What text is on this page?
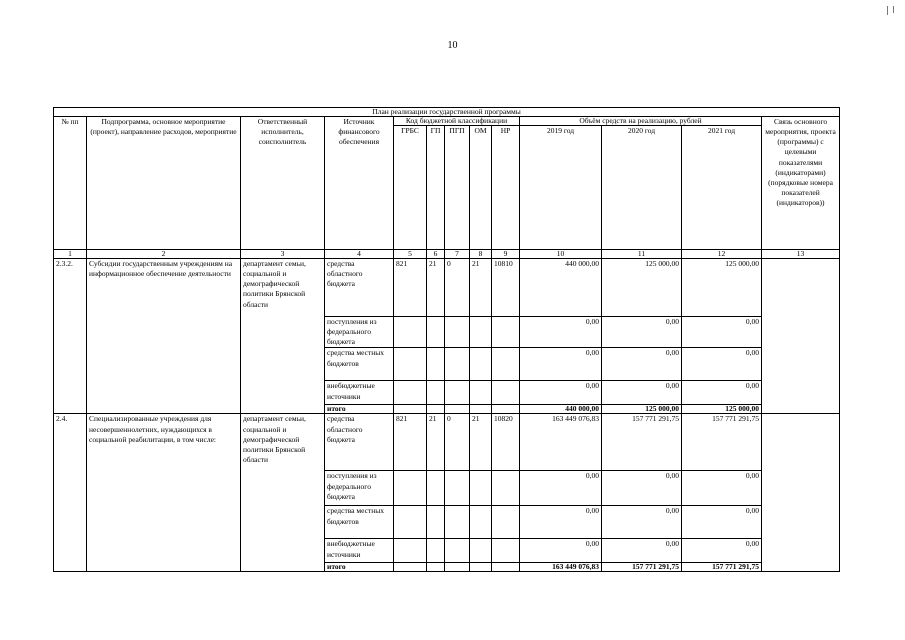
10
План реализации государственной программы												
№ пп	Подпрограмма, основное мероприятие (проект), направление расходов, мероприятие	Ответственный исполнитель, соисполнитель	Источник финансового обеспечения	Код бюджетной классификации					Объём средств на реализацию, рублей			Связь основного мероприятия, проекта (программы) с целевыми показателями (индикаторами) (порядковые номера показателей (индикаторов))
				ГРБС	ГП	ПГП	ОМ	НР	2019 год	2020 год	2021 год	
1	2	3	4	5	6	7	8	9	10	11	12	13
2.3.2.	Субсидии государственным учреждениям на информационное обеспечение деятельности	департамент семьи, социальной и демографической политики Брянской области	средства областного бюджета	821	21	0	21	10810	440 000,00	125 000,00	125 000,00	
			поступления из федерального бюджета						0,00	0,00	0,00	
			средства местных бюджетов						0,00	0,00	0,00	
			внебюджетные источники						0,00	0,00	0,00	
			итого						440 000,00	125 000,00	125 000,00	
2.4.	Специализированные учреждения для несовершеннолетних, нуждающихся в социальной реабилитации, в том числе:	департамент семьи, социальной и демографической политики Брянской области	средства областного бюджета	821	21	0	21	10820	163 449 076,83	157 771 291,75	157 771 291,75	
			поступления из федерального бюджета						0,00	0,00	0,00	
			средства местных бюджетов						0,00	0,00	0,00	
			внебюджетные источники						0,00	0,00	0,00	
			итого						163 449 076,83	157 771 291,75	157 771 291,75	
